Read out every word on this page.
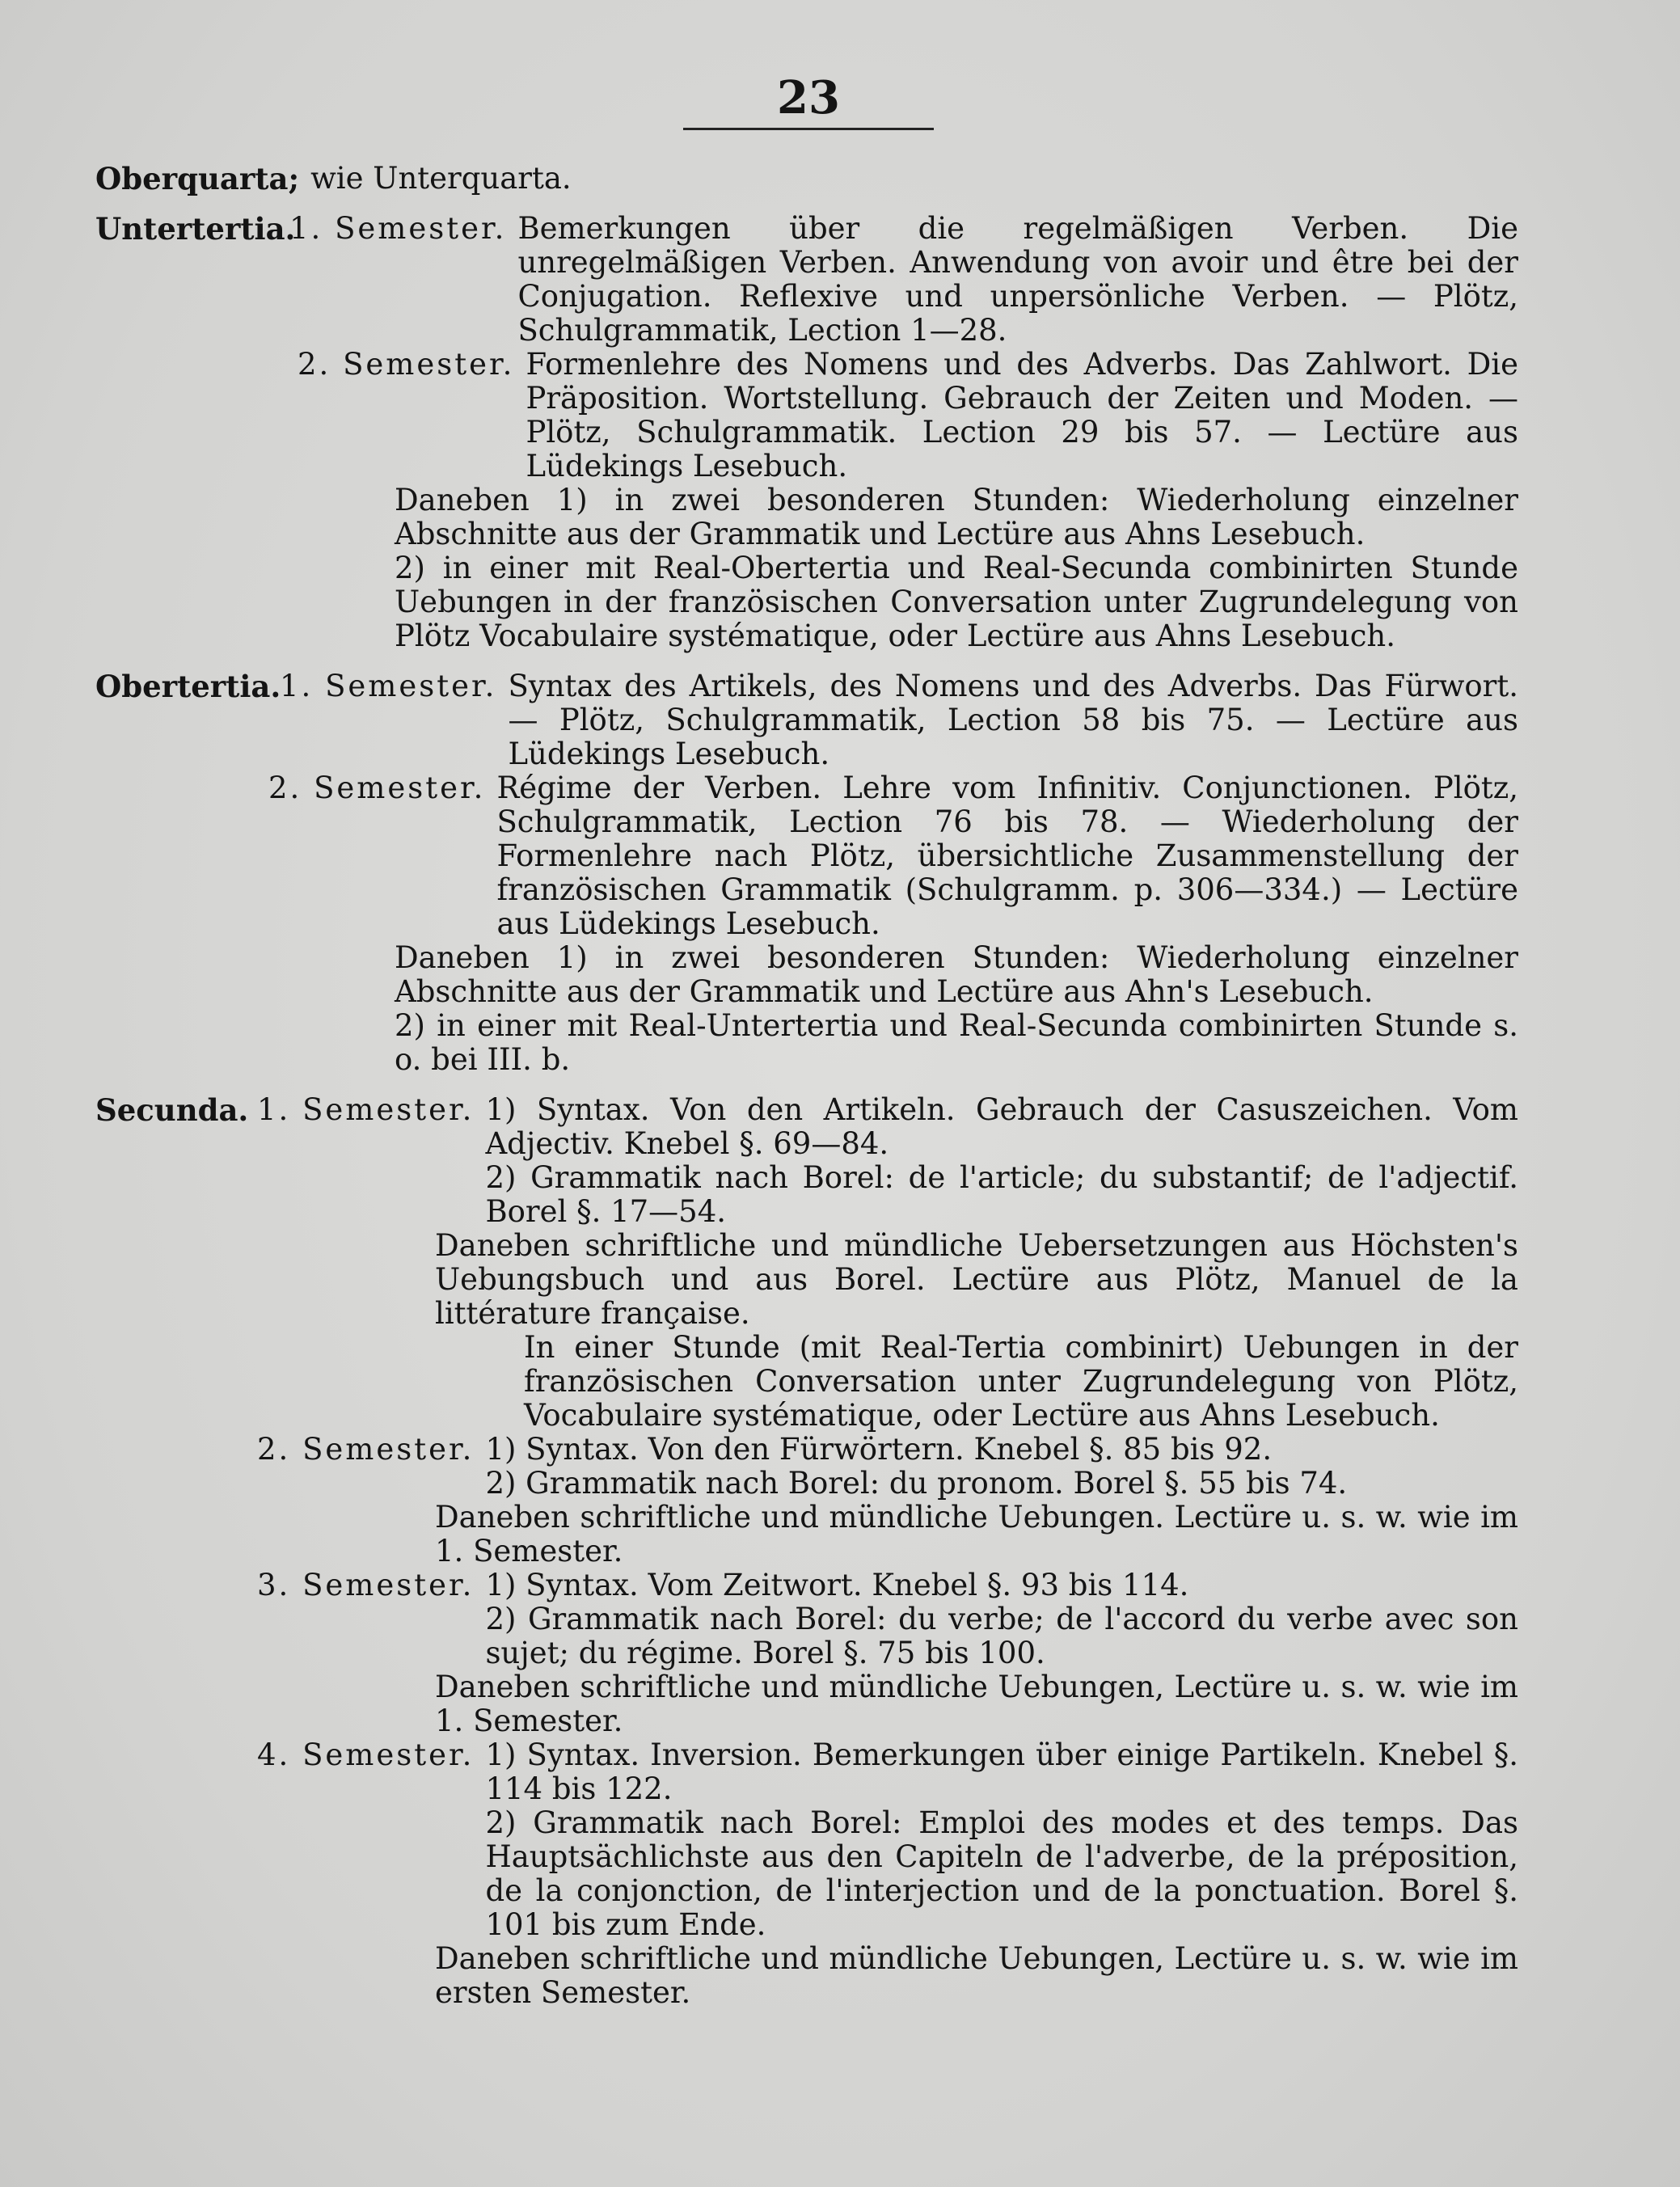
23
Oberquarta; wie Unterquarta.
Untertertia.
1. Semester. Bemerkungen über die regelmäßigen Verben. Die unregelmäßigen Verben. Anwendung von avoir und être bei der Conjugation. Reflexive und unpersönliche Verben. — Plötz, Schulgrammatik, Lection 1—28.
2. Semester. Formenlehre des Nomens und des Adverbs. Das Zahlwort. Die Präposition. Wortstellung. Gebrauch der Zeiten und Moden. — Plötz, Schulgrammatik. Lection 29 bis 57. — Lectüre aus Lüdekings Lesebuch.
Daneben 1) in zwei besonderen Stunden: Wiederholung einzelner Abschnitte aus der Grammatik und Lectüre aus Ahns Lesebuch.
2) in einer mit Real-Obertertia und Real-Secunda combinirten Stunde Uebungen in der französischen Conversation unter Zugrundelegung von Plötz Vocabulaire systématique, oder Lectüre aus Ahns Lesebuch.
Obertertia.
1. Semester. Syntax des Artikels, des Nomens und des Adverbs. Das Fürwort. — Plötz, Schulgrammatik, Lection 58 bis 75. — Lectüre aus Lüdekings Lesebuch.
2. Semester. Régime der Verben. Lehre vom Infinitiv. Conjunctionen. Plötz, Schulgrammatik, Lection 76 bis 78. — Wiederholung der Formenlehre nach Plötz, übersichtliche Zusammenstellung der französischen Grammatik (Schulgramm. p. 306—334.) — Lectüre aus Lüdekings Lesebuch.
Daneben 1) in zwei besonderen Stunden: Wiederholung einzelner Abschnitte aus der Grammatik und Lectüre aus Ahn's Lesebuch.
2) in einer mit Real-Untertertia und Real-Secunda combinirten Stunde s. o. bei III. b.
Secunda. 1. Semester. 1) Syntax. Von den Artikeln. Gebrauch der Casuszeichen. Vom Adjectiv. Knebel §. 69—84.
2) Grammatik nach Borel: de l'article; du substantif; de l'adjectif. Borel §. 17—54.
Daneben schriftliche und mündliche Uebersetzungen aus Höchsten's Uebungsbuch und aus Borel. Lectüre aus Plötz, Manuel de la littérature française.
In einer Stunde (mit Real-Tertia combinirt) Uebungen in der französischen Conversation unter Zugrundelegung von Plötz, Vocabulaire systématique, oder Lectüre aus Ahns Lesebuch.
2. Semester. 1) Syntax. Von den Fürwörtern. Knebel §. 85 bis 92.
2) Grammatik nach Borel: du pronom. Borel §. 55 bis 74.
Daneben schriftliche und mündliche Uebungen. Lectüre u. s. w. wie im 1. Semester.
3. Semester. 1) Syntax. Vom Zeitwort. Knebel §. 93 bis 114.
2) Grammatik nach Borel: du verbe; de l'accord du verbe avec son sujet; du régime. Borel §. 75 bis 100.
Daneben schriftliche und mündliche Uebungen, Lectüre u. s. w. wie im 1. Semester.
4. Semester. 1) Syntax. Inversion. Bemerkungen über einige Partikeln. Knebel §. 114 bis 122.
2) Grammatik nach Borel: Emploi des modes et des temps. Das Hauptsächlichste aus den Capiteln de l'adverbe, de la préposition, de la conjonction, de l'interjection und de la ponctuation. Borel §. 101 bis zum Ende.
Daneben schriftliche und mündliche Uebungen, Lectüre u. s. w. wie im ersten Semester.
